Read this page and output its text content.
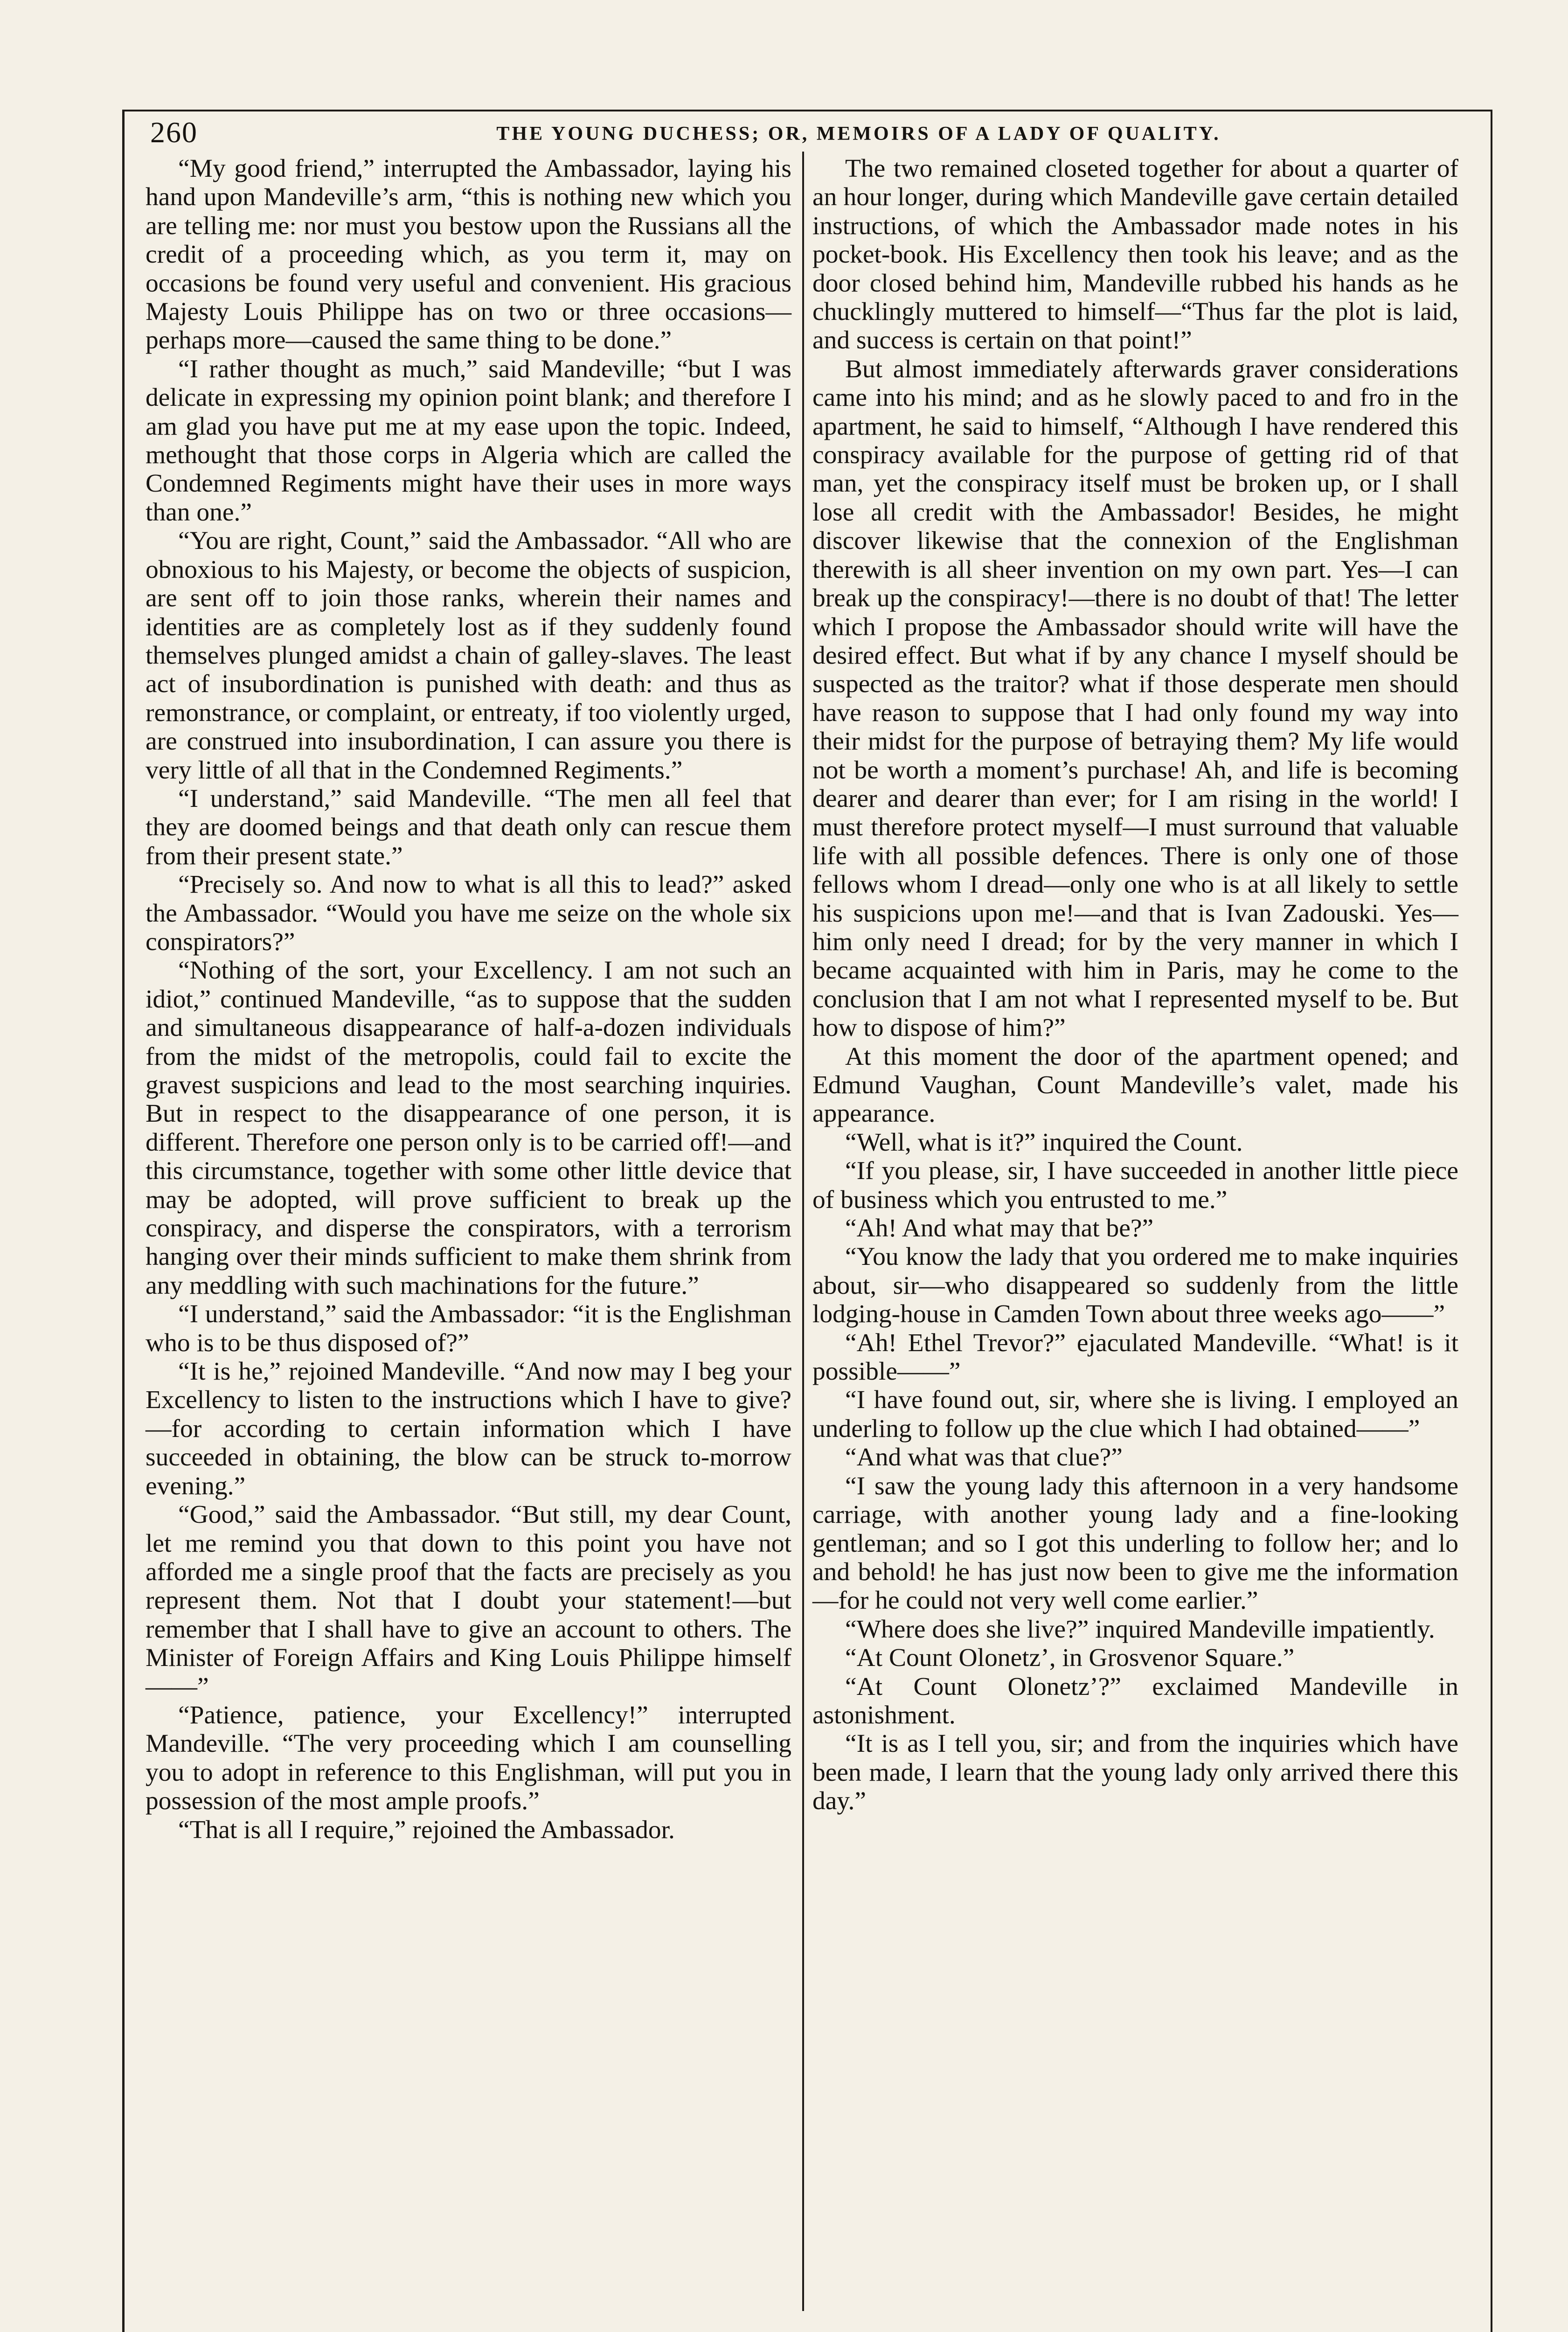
260	THE YOUNG DUCHESS; OR, MEMOIRS OF A LADY OF QUALITY.

“My good friend,” interrupted the Ambassador, laying his hand upon Mandeville’s arm, “this is nothing new which you are telling me: nor must you bestow upon the Russians all the credit of a proceeding which, as you term it, may on occasions be found very useful and convenient. His gracious Majesty Louis Philippe has on two or three occasions—perhaps more—caused the same thing to be done.”

“I rather thought as much,” said Mandeville; “but I was delicate in expressing my opinion point blank; and therefore I am glad you have put me at my ease upon the topic. Indeed, methought that those corps in Algeria which are called the Condemned Regiments might have their uses in more ways than one.”

“You are right, Count,” said the Ambassador. “All who are obnoxious to his Majesty, or become the objects of suspicion, are sent off to join those ranks, wherein their names and identities are as completely lost as if they suddenly found themselves plunged amidst a chain of galley-slaves. The least act of insubordination is punished with death: and thus as remonstrance, or complaint, or entreaty, if too violently urged, are construed into insubordination, I can assure you there is very little of all that in the Condemned Regiments.”

“I understand,” said Mandeville. “The men all feel that they are doomed beings and that death only can rescue them from their present state.”

“Precisely so. And now to what is all this to lead?” asked the Ambassador. “Would you have me seize on the whole six conspirators?”

“Nothing of the sort, your Excellency. I am not such an idiot,” continued Mandeville, “as to suppose that the sudden and simultaneous disappearance of half-a-dozen individuals from the midst of the metropolis, could fail to excite the gravest suspicions and lead to the most searching inquiries. But in respect to the disappearance of one person, it is different. Therefore one person only is to be carried off!—and this circumstance, together with some other little device that may be adopted, will prove sufficient to break up the conspiracy, and disperse the conspirators, with a terrorism hanging over their minds sufficient to make them shrink from any meddling with such machinations for the future.”

“I understand,” said the Ambassador: “it is the Englishman who is to be thus disposed of?”

“It is he,” rejoined Mandeville. “And now may I beg your Excellency to listen to the instructions which I have to give?—for according to certain information which I have succeeded in obtaining, the blow can be struck to-morrow evening.”

“Good,” said the Ambassador. “But still, my dear Count, let me remind you that down to this point you have not afforded me a single proof that the facts are precisely as you represent them. Not that I doubt your statement!—but remember that I shall have to give an account to others. The Minister of Foreign Affairs and King Louis Philippe himself——”

“Patience, patience, your Excellency!” interrupted Mandeville. “The very proceeding which I am counselling you to adopt in reference to this Englishman, will put you in possession of the most ample proofs.”

“That is all I require,” rejoined the Ambassador.

The two remained closeted together for about a quarter of an hour longer, during which Mandeville gave certain detailed instructions, of which the Ambassador made notes in his pocket-book. His Excellency then took his leave; and as the door closed behind him, Mandeville rubbed his hands as he chucklingly muttered to himself—“Thus far the plot is laid, and success is certain on that point!”

But almost immediately afterwards graver considerations came into his mind; and as he slowly paced to and fro in the apartment, he said to himself, “Although I have rendered this conspiracy available for the purpose of getting rid of that man, yet the conspiracy itself must be broken up, or I shall lose all credit with the Ambassador! Besides, he might discover likewise that the connexion of the Englishman therewith is all sheer invention on my own part. Yes—I can break up the conspiracy!—there is no doubt of that! The letter which I propose the Ambassador should write will have the desired effect. But what if by any chance I myself should be suspected as the traitor? what if those desperate men should have reason to suppose that I had only found my way into their midst for the purpose of betraying them? My life would not be worth a moment’s purchase! Ah, and life is becoming dearer and dearer than ever; for I am rising in the world! I must therefore protect myself—I must surround that valuable life with all possible defences. There is only one of those fellows whom I dread—only one who is at all likely to settle his suspicions upon me!—and that is Ivan Zadouski. Yes—him only need I dread; for by the very manner in which I became acquainted with him in Paris, may he come to the conclusion that I am not what I represented myself to be. But how to dispose of him?”

At this moment the door of the apartment opened; and Edmund Vaughan, Count Mandeville’s valet, made his appearance.

“Well, what is it?” inquired the Count.

“If you please, sir, I have succeeded in another little piece of business which you entrusted to me.”

“Ah! And what may that be?”

“You know the lady that you ordered me to make inquiries about, sir—who disappeared so suddenly from the little lodging-house in Camden Town about three weeks ago——”

“Ah! Ethel Trevor?” ejaculated Mandeville. “What! is it possible——”

“I have found out, sir, where she is living. I employed an underling to follow up the clue which I had obtained——”

“And what was that clue?”

“I saw the young lady this afternoon in a very handsome carriage, with another young lady and a fine-looking gentleman; and so I got this underling to follow her; and lo and behold! he has just now been to give me the information—for he could not very well come earlier.”

“Where does she live?” inquired Mandeville impatiently.

“At Count Olonetz’, in Grosvenor Square.”

“At Count Olonetz’?” exclaimed Mandeville in astonishment.

“It is as I tell you, sir; and from the inquiries which have been made, I learn that the young lady only arrived there this day.”
